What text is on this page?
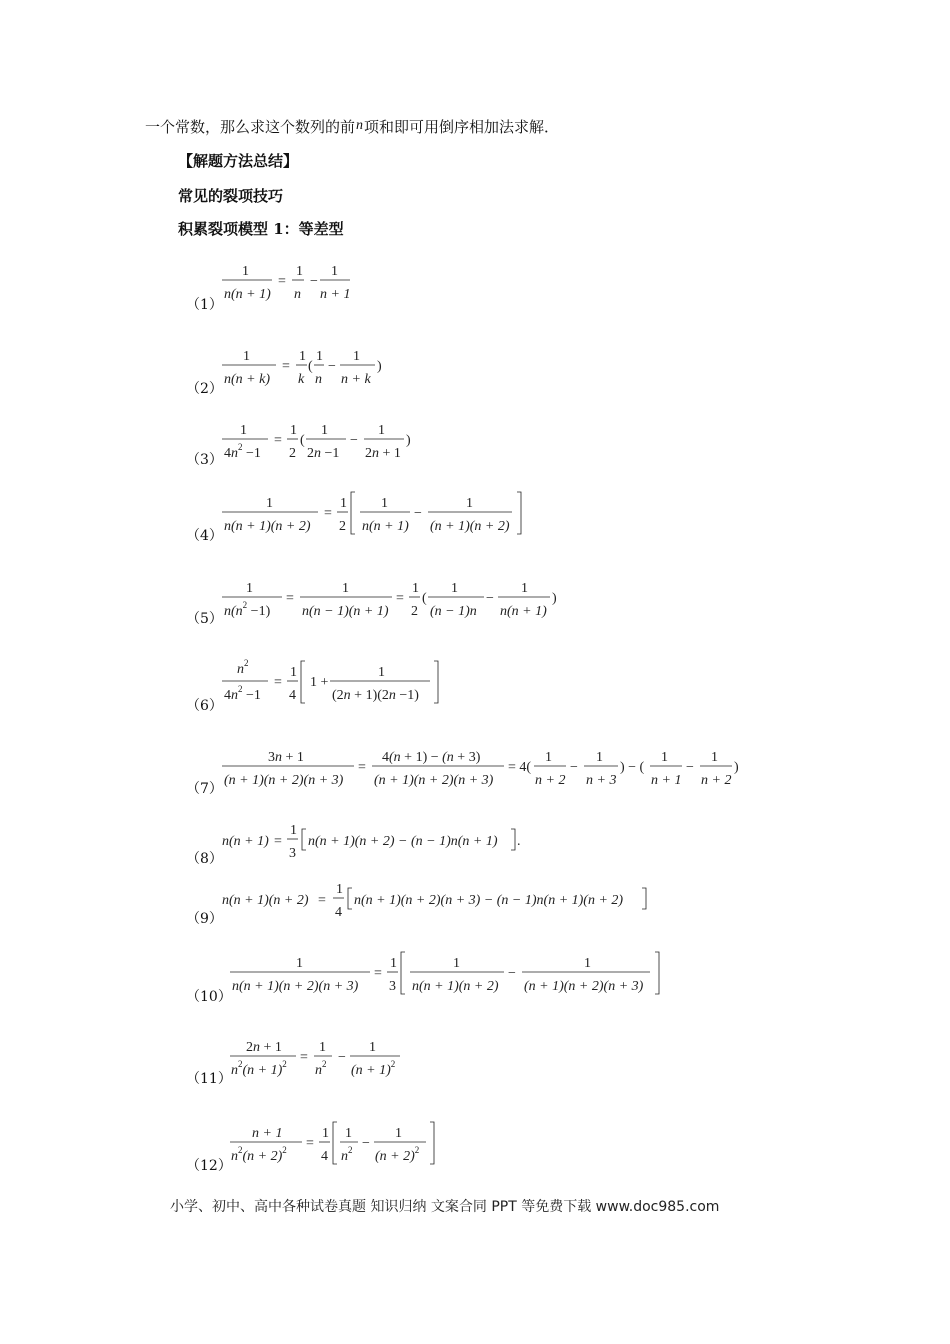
一个常数，那么求这个数列的前n项和即可用倒序相加法求解．
【解题方法总结】
常见的裂项技巧
积累裂项模型 1：等差型
（1）
（2）
（3）
（4）
（5）
（6）
（7）
（8）
（9）
（10）
（11）
（12）
1
n(n + 1)
=
1
n
−
1
n + 1
1
n(n + k)
=
1
k
(
1
n
−
1
n + k
)
1
$4n^2 -1$
=
1
2
(
1
2n −1
−
1
2n + 1
)
1
n(n + 1)(n + 2)
=
1
2
1
n(n + 1)
−
1
(n + 1)(n + 2)
1
$n(n^2 -1)$
=
1
n(n − 1)(n + 1)
=
1
2
(
1
(n − 1)n
−
1
n(n + 1)
)
$n^2$
$4n^2 -1$
=
1
4
1 +
1
(2n + 1)(2n −1)
3n + 1
(n + 1)(n + 2)(n + 3)
=
4(n + 1) − (n + 3)
(n + 1)(n + 2)(n + 3)
= 4(
1
n + 2
−
1
n + 3
) − (
1
n + 1
−
1
n + 2
)
n(n + 1) =
1
3
n(n + 1)(n + 2) − (n − 1)n(n + 1) .
n(n + 1)(n + 2) =
1
4
n(n + 1)(n + 2)(n + 3) − (n − 1)n(n + 1)(n + 2)
1
n(n + 1)(n + 2)(n + 3)
=
1
3
1
n(n + 1)(n + 2)
−
1
(n + 1)(n + 2)(n + 3)
2n + 1
$n^2(n + 1)^2$ =
1
$n^2$ −
1
$(n + 1)^2$
n + 1
$n^2(n + 2)^2$ =
1
4
1
$n^2$ −
1
$(n + 2)^2$
小学、初中、高中各种试卷真题 知识归纳 文案合同 PPT 等免费下载 www.doc985.com
